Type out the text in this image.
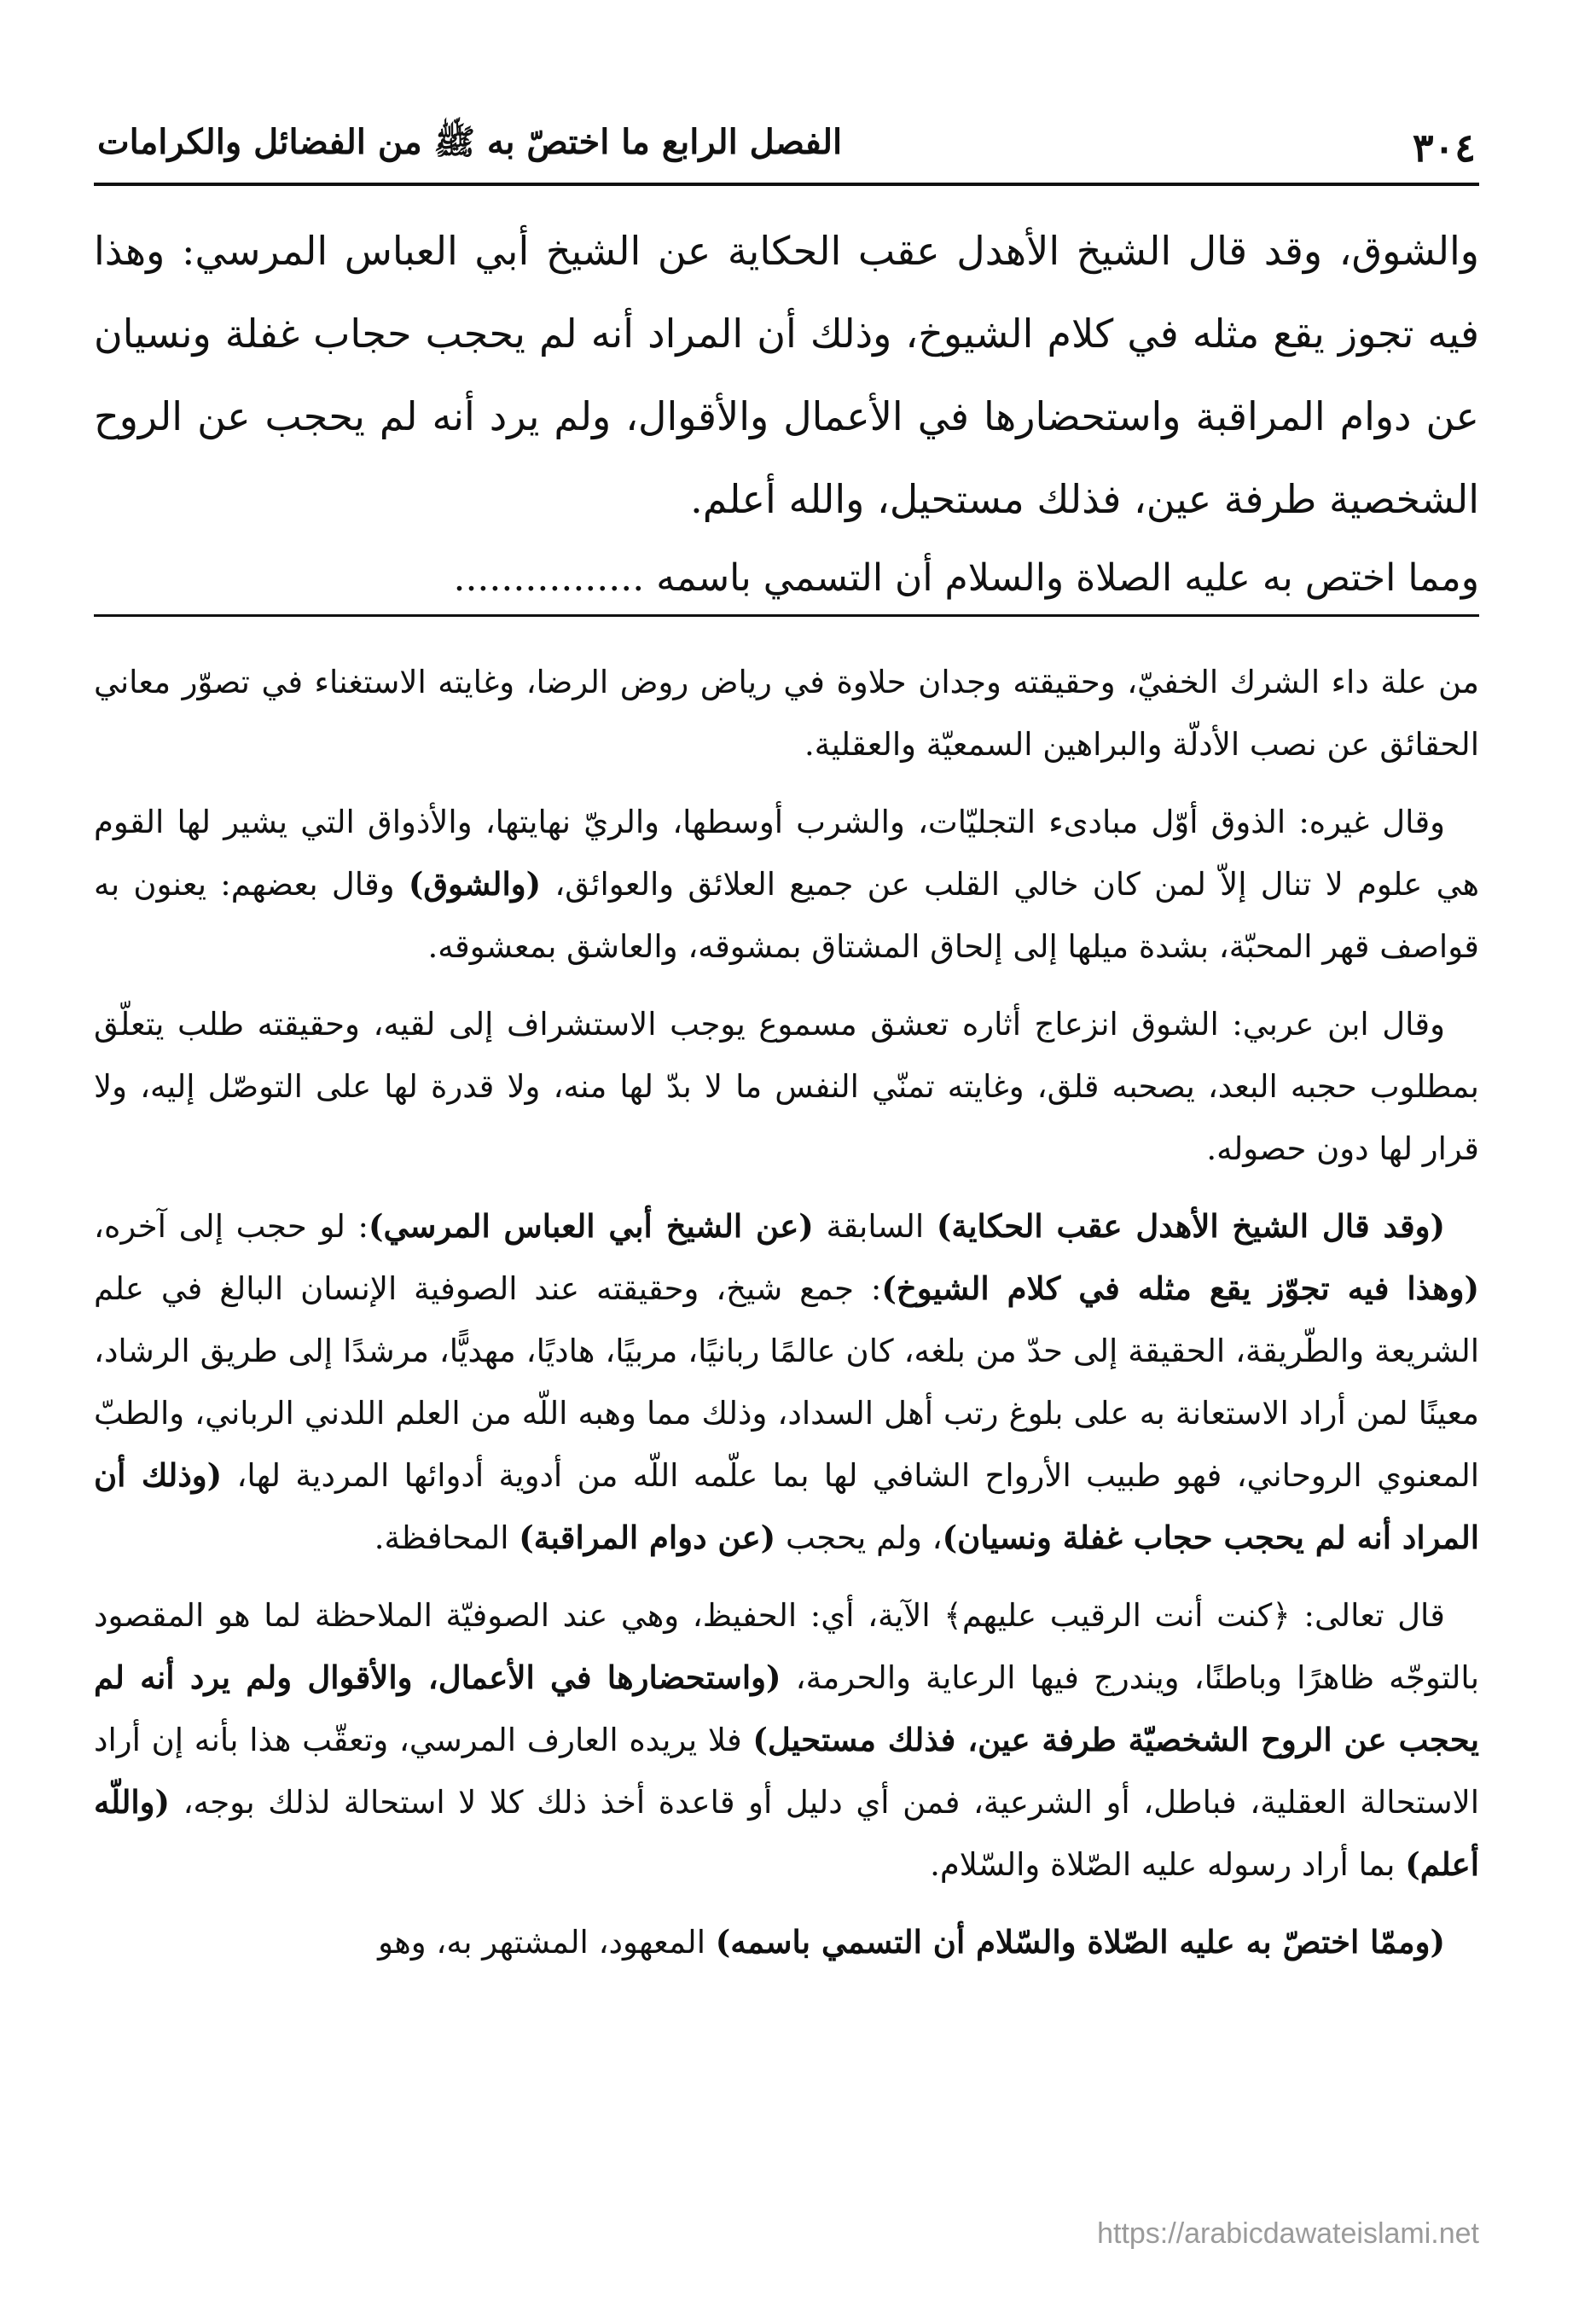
٣٠٤
الفصل الرابع ما اختصّ به ﷺ من الفضائل والكرامات

والشوق، وقد قال الشيخ الأهدل عقب الحكاية عن الشيخ أبي العباس المرسي: وهذا فيه تجوز يقع مثله في كلام الشيوخ، وذلك أن المراد أنه لم يحجب حجاب غفلة ونسيان عن دوام المراقبة واستحضارها في الأعمال والأقوال، ولم يرد أنه لم يحجب عن الروح الشخصية طرفة عين، فذلك مستحيل، والله أعلم.

ومما اختص به عليه الصلاة والسلام أن التسمي باسمه ................

من علة داء الشرك الخفيّ، وحقيقته وجدان حلاوة في رياض روض الرضا، وغايته الاستغناء في تصوّر معاني الحقائق عن نصب الأدلّة والبراهين السمعيّة والعقلية.

وقال غيره: الذوق أوّل مبادىء التجليّات، والشرب أوسطها، والريّ نهايتها، والأذواق التي يشير لها القوم هي علوم لا تنال إلاّ لمن كان خالي القلب عن جميع العلائق والعوائق، (والشوق) وقال بعضهم: يعنون به قواصف قهر المحبّة، بشدة ميلها إلى إلحاق المشتاق بمشوقه، والعاشق بمعشوقه.

وقال ابن عربي: الشوق انزعاج أثاره تعشق مسموع يوجب الاستشراف إلى لقيه، وحقيقته طلب يتعلّق بمطلوب حجبه البعد، يصحبه قلق، وغايته تمنّي النفس ما لا بدّ لها منه، ولا قدرة لها على التوصّل إليه، ولا قرار لها دون حصوله.

(وقد قال الشيخ الأهدل عقب الحكاية) السابقة (عن الشيخ أبي العباس المرسي): لو حجب إلى آخره، (وهذا فيه تجوّز يقع مثله في كلام الشيوخ): جمع شيخ، وحقيقته عند الصوفية الإنسان البالغ في علم الشريعة والطّريقة، الحقيقة إلى حدّ من بلغه، كان عالمًا ربانيًا، مربيًا، هاديًا، مهديًّا، مرشدًا إلى طريق الرشاد، معينًا لمن أراد الاستعانة به على بلوغ رتب أهل السداد، وذلك مما وهبه اللّه من العلم اللدني الرباني، والطبّ المعنوي الروحاني، فهو طبيب الأرواح الشافي لها بما علّمه اللّه من أدوية أدوائها المردية لها، (وذلك أن المراد أنه لم يحجب حجاب غفلة ونسيان)، ولم يحجب (عن دوام المراقبة) المحافظة.

قال تعالى: ﴿كنت أنت الرقيب عليهم﴾ الآية، أي: الحفيظ، وهي عند الصوفيّة الملاحظة لما هو المقصود بالتوجّه ظاهرًا وباطنًا، ويندرج فيها الرعاية والحرمة، (واستحضارها في الأعمال، والأقوال ولم يرد أنه لم يحجب عن الروح الشخصيّة طرفة عين، فذلك مستحيل) فلا يريده العارف المرسي، وتعقّب هذا بأنه إن أراد الاستحالة العقلية، فباطل، أو الشرعية، فمن أي دليل أو قاعدة أخذ ذلك كلا لا استحالة لذلك بوجه، (واللّه أعلم) بما أراد رسوله عليه الصّلاة والسّلام.

(وممّا اختصّ به عليه الصّلاة والسّلام أن التسمي باسمه) المعهود، المشتهر به، وهو

https://arabicdawateislami.net
